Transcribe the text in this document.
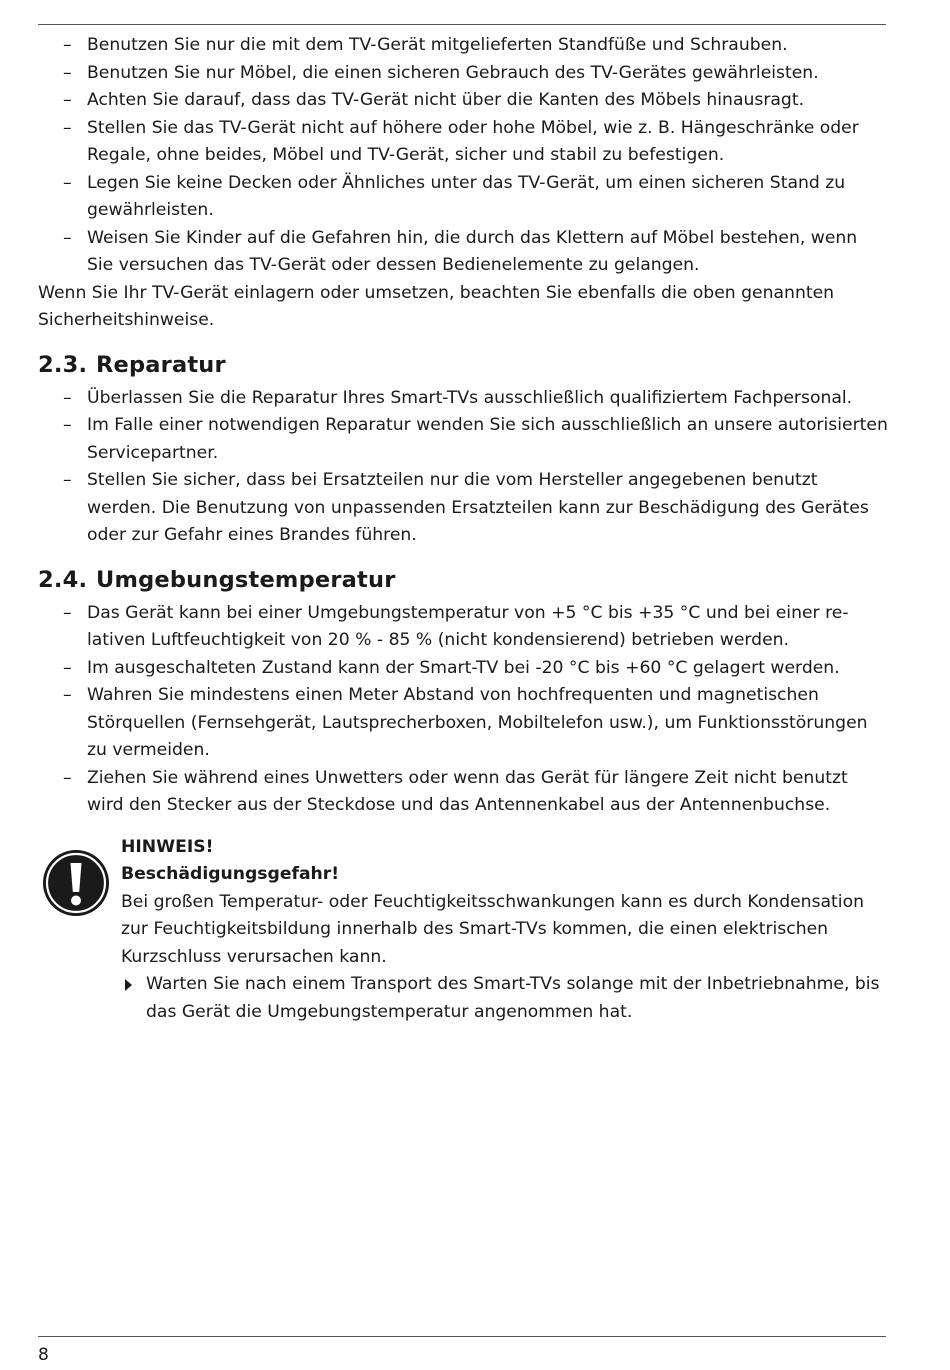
– Benutzen Sie nur die mit dem TV-Gerät mitgelieferten Standfüße und Schrauben.
– Benutzen Sie nur Möbel, die einen sicheren Gebrauch des TV-Gerätes gewährleisten.
– Achten Sie darauf, dass das TV-Gerät nicht über die Kanten des Möbels hinausragt.
– Stellen Sie das TV-Gerät nicht auf höhere oder hohe Möbel, wie z. B. Hängeschränke oder Regale, ohne beides, Möbel und TV-Gerät, sicher und stabil zu befestigen.
– Legen Sie keine Decken oder Ähnliches unter das TV-Gerät, um einen sicheren Stand zu gewährleisten.
– Weisen Sie Kinder auf die Gefahren hin, die durch das Klettern auf Möbel bestehen, wenn Sie versuchen das TV-Gerät oder dessen Bedienelemente zu gelangen.

Wenn Sie Ihr TV-Gerät einlagern oder umsetzen, beachten Sie ebenfalls die oben genannten Sicherheitshinweise.

2.3. Reparatur
– Überlassen Sie die Reparatur Ihres Smart-TVs ausschließlich qualifiziertem Fachpersonal.
– Im Falle einer notwendigen Reparatur wenden Sie sich ausschließlich an unsere autorisierten Servicepartner.
– Stellen Sie sicher, dass bei Ersatzteilen nur die vom Hersteller angegebenen benutzt werden. Die Benutzung von unpassenden Ersatzteilen kann zur Beschädigung des Gerätes oder zur Gefahr eines Brandes führen.
2.4. Umgebungstemperatur
– Das Gerät kann bei einer Umgebungstemperatur von +5 °C bis +35 °C und bei einer relativen Luftfeuchtigkeit von 20 % - 85 % (nicht kondensierend) betrieben werden.
– Im ausgeschalteten Zustand kann der Smart-TV bei -20 °C bis +60 °C gelagert werden.
– Wahren Sie mindestens einen Meter Abstand von hochfrequenten und magnetischen Störquellen (Fernsehgerät, Lautsprecherboxen, Mobiltelefon usw.), um Funktionsstörungen zu vermeiden.
– Ziehen Sie während eines Unwetters oder wenn das Gerät für längere Zeit nicht benutzt wird den Stecker aus der Steckdose und das Antennenkabel aus der Antennenbuchse.
HINWEIS!
Beschädigungsgefahr!

Bei großen Temperatur- oder Feuchtigkeitsschwankungen kann es durch Kondensation zur Feuchtigkeitsbildung innerhalb des Smart-TVs kommen, die einen elektrischen Kurzschluss verursachen kann.

Warten Sie nach einem Transport des Smart-TVs solange mit der Inbetriebnahme, bis das Gerät die Umgebungstemperatur angenommen hat.
8
